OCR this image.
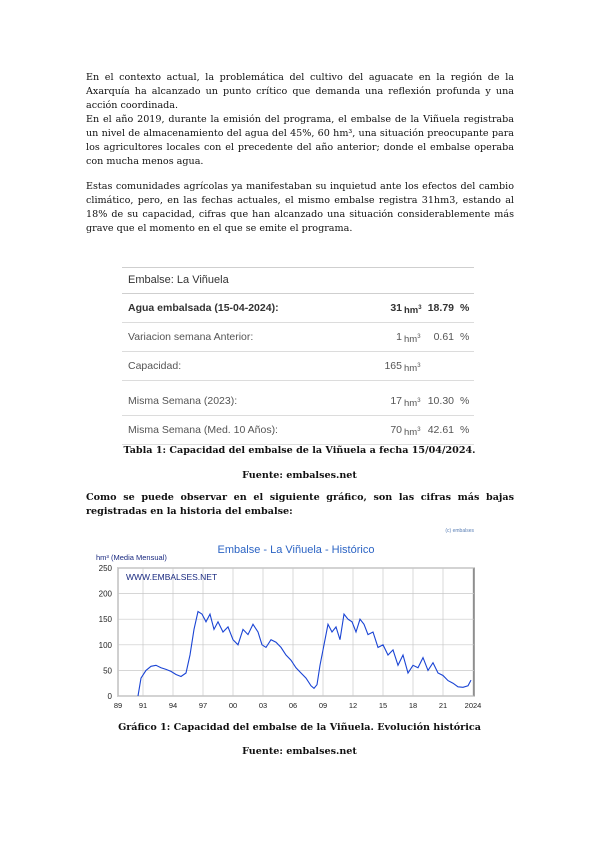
En el contexto actual, la problemática del cultivo del aguacate en la región de la Axarquía ha alcanzado un punto crítico que demanda una reflexión profunda y una acción coordinada.

En el año 2019, durante la emisión del programa, el embalse de la Viñuela registraba un nivel de almacenamiento del agua del 45%, 60 hm³, una situación preocupante para los agricultores locales con el precedente del año anterior; donde el embalse operaba con mucha menos agua.

Estas comunidades agrícolas ya manifestaban su inquietud ante los efectos del cambio climático, pero, en las fechas actuales, el mismo embalse registra 31hm3, estando al 18% de su capacidad, cifras que han alcanzado una situación considerablemente más grave que el momento en el que se emite el programa.

Embalse: La Viñuela
Agua embalsada (15-04-2024):	31 $hm^3$ 18.79 %
Variacion semana Anterior:	1 $hm^3$	0.61 %
Capacidad:	165 $hm^3$
Misma Semana (2023):	17 $hm^3$ 10.30 %
Misma Semana (Med. 10 Años):	70 $hm^3$ 42.61 %

Tabla 1: Capacidad del embalse de la Viñuela a fecha 15/04/2024.

Fuente: embalses.net

Como se puede observar en el siguiente gráfico, son las cifras más bajas registradas en la historia del embalse:

0
50
100
150
200
250
89 91	94	97	00	03	06	09	12	15	18	21 2024
Embalse - La Viñuela - Histórico
hm³ (Media Mensual)
(c) embalses
WWW.EMBALSES.NET

Gráfico 1: Capacidad del embalse de la Viñuela. Evolución histórica

Fuente: embalses.net
